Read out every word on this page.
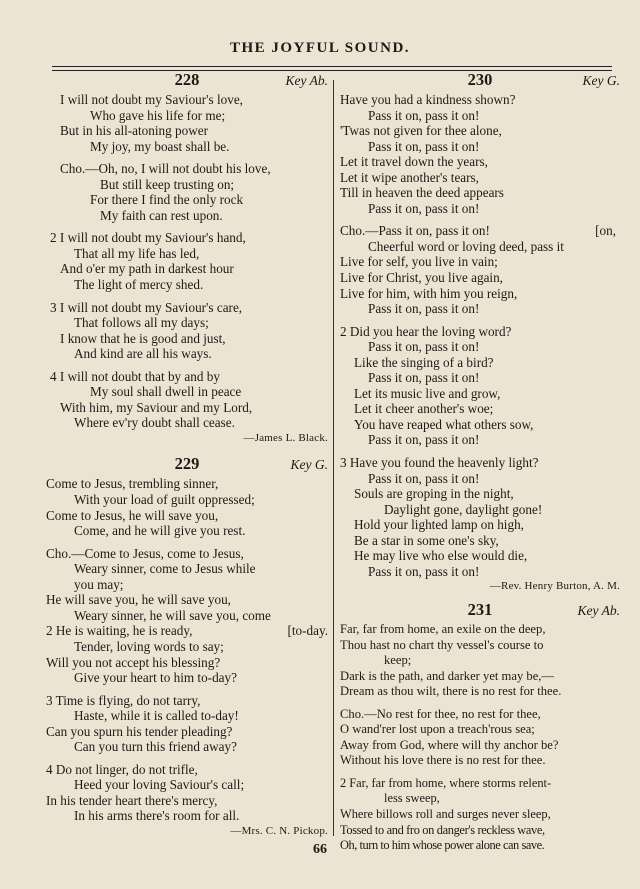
THE JOYFUL SOUND.
228	Key Ab.
I will not doubt my Saviour's love,
Who gave his life for me;
But in his all-atoning power
My joy, my boast shall be.
Cho.—Oh, no, I will not doubt his love,
But still keep trusting on;
For there I find the only rock
My faith can rest upon.
2 I will not doubt my Saviour's hand,
That all my life has led,
And o'er my path in darkest hour
The light of mercy shed.
3 I will not doubt my Saviour's care,
That follows all my days;
I know that he is good and just,
And kind are all his ways.
4 I will not doubt that by and by
My soul shall dwell in peace
With him, my Saviour and my Lord,
Where ev'ry doubt shall cease.
—James L. Black.
229	Key G.
Come to Jesus, trembling sinner,
With your load of guilt oppressed;
Come to Jesus, he will save you,
Come, and he will give you rest.
Cho.—Come to Jesus, come to Jesus,
Weary sinner, come to Jesus while
you may;
He will save you, he will save you,
Weary sinner, he will save you, come
2 He is waiting, he is ready,	[to-day.
Tender, loving words to say;
Will you not accept his blessing?
Give your heart to him to-day?
3 Time is flying, do not tarry,
Haste, while it is called to-day!
Can you spurn his tender pleading?
Can you turn this friend away?
4 Do not linger, do not trifle,
Heed your loving Saviour's call;
In his tender heart there's mercy,
In his arms there's room for all.
—Mrs. C. N. Pickop.
230	Key G.
Have you had a kindness shown?
Pass it on, pass it on!
'Twas not given for thee alone,
Pass it on, pass it on!
Let it travel down the years,
Let it wipe another's tears,
Till in heaven the deed appears
Pass it on, pass it on!
Cho.—Pass it on, pass it on!	[on,
Cheerful word or loving deed, pass it
Live for self, you live in vain;
Live for Christ, you live again,
Live for him, with him you reign,
Pass it on, pass it on!
2 Did you hear the loving word?
Pass it on, pass it on!
Like the singing of a bird?
Pass it on, pass it on!
Let its music live and grow,
Let it cheer another's woe;
You have reaped what others sow,
Pass it on, pass it on!
3 Have you found the heavenly light?
Pass it on, pass it on!
Souls are groping in the night,
Daylight gone, daylight gone!
Hold your lighted lamp on high,
Be a star in some one's sky,
He may live who else would die,
Pass it on, pass it on!
—Rev. Henry Burton, A. M.
231	Key Ab.
Far, far from home, an exile on the deep,
Thou hast no chart thy vessel's course to
keep;
Dark is the path, and darker yet may be,—
Dream as thou wilt, there is no rest for thee.
Cho.—No rest for thee, no rest for thee,
O wand'rer lost upon a treach'rous sea;
Away from God, where will thy anchor be?
Without his love there is no rest for thee.
2 Far, far from home, where storms relent-
less sweep,
Where billows roll and surges never sleep,
Tossed to and fro on danger's reckless wave,
Oh, turn to him whose power alone can save.
66
